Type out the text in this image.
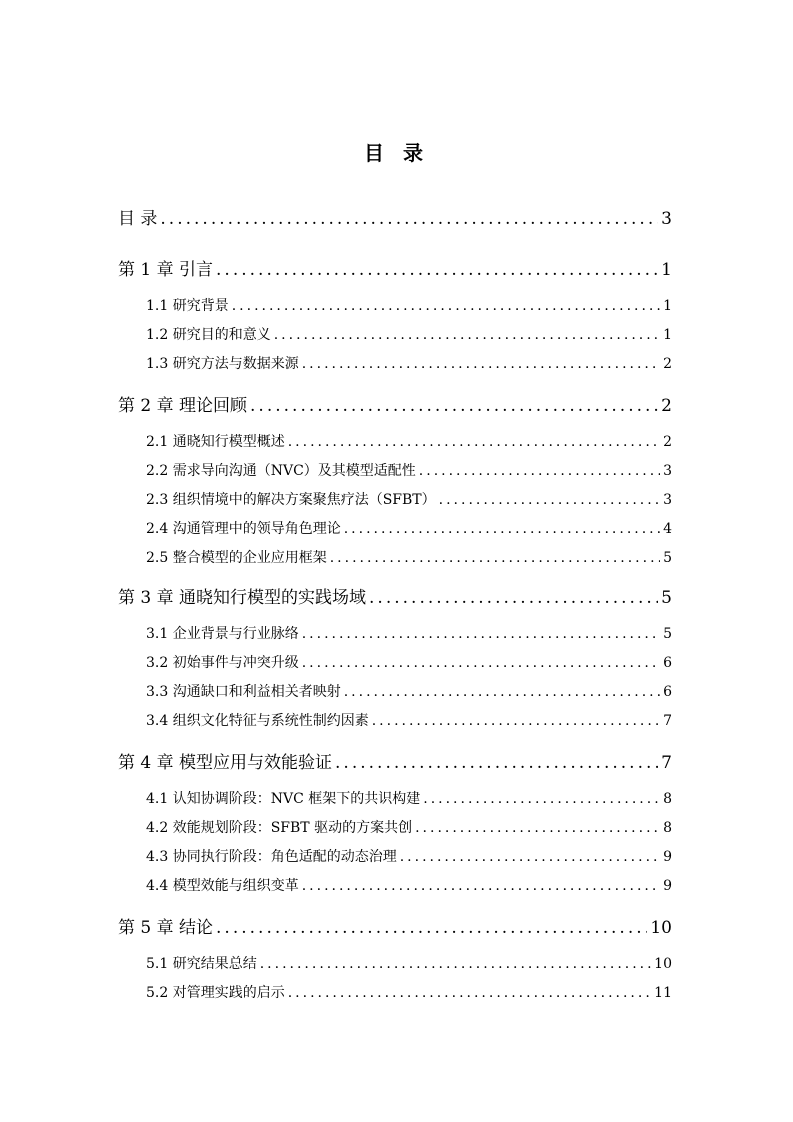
目 录
目 录 .....	3
第 1 章 引言 .....	1
1.1 研究背景 .....	1
1.2 研究目的和意义 .....	1
1.3 研究方法与数据来源 .....	2
第 2 章 理论回顾 .....	2
2.1 通晓知行模型概述 .....	2
2.2 需求导向沟通（NVC）及其模型适配性 .....	3
2.3 组织情境中的解决方案聚焦疗法（SFBT） .....	3
2.4 沟通管理中的领导角色理论 .....	4
2.5 整合模型的企业应用框架 .....	5
第 3 章 通晓知行模型的实践场域 .....	5
3.1 企业背景与行业脉络 .....	5
3.2 初始事件与冲突升级 .....	6
3.3 沟通缺口和利益相关者映射 .....	6
3.4 组织文化特征与系统性制约因素 .....	7
第 4 章 模型应用与效能验证 .....	7
4.1 认知协调阶段：NVC 框架下的共识构建 .....	8
4.2 效能规划阶段：SFBT 驱动的方案共创 .....	8
4.3 协同执行阶段：角色适配的动态治理 .....	9
4.4 模型效能与组织变革 .....	9
第 5 章 结论 .....	10
5.1 研究结果总结 .....	10
5.2 对管理实践的启示 .....	11
